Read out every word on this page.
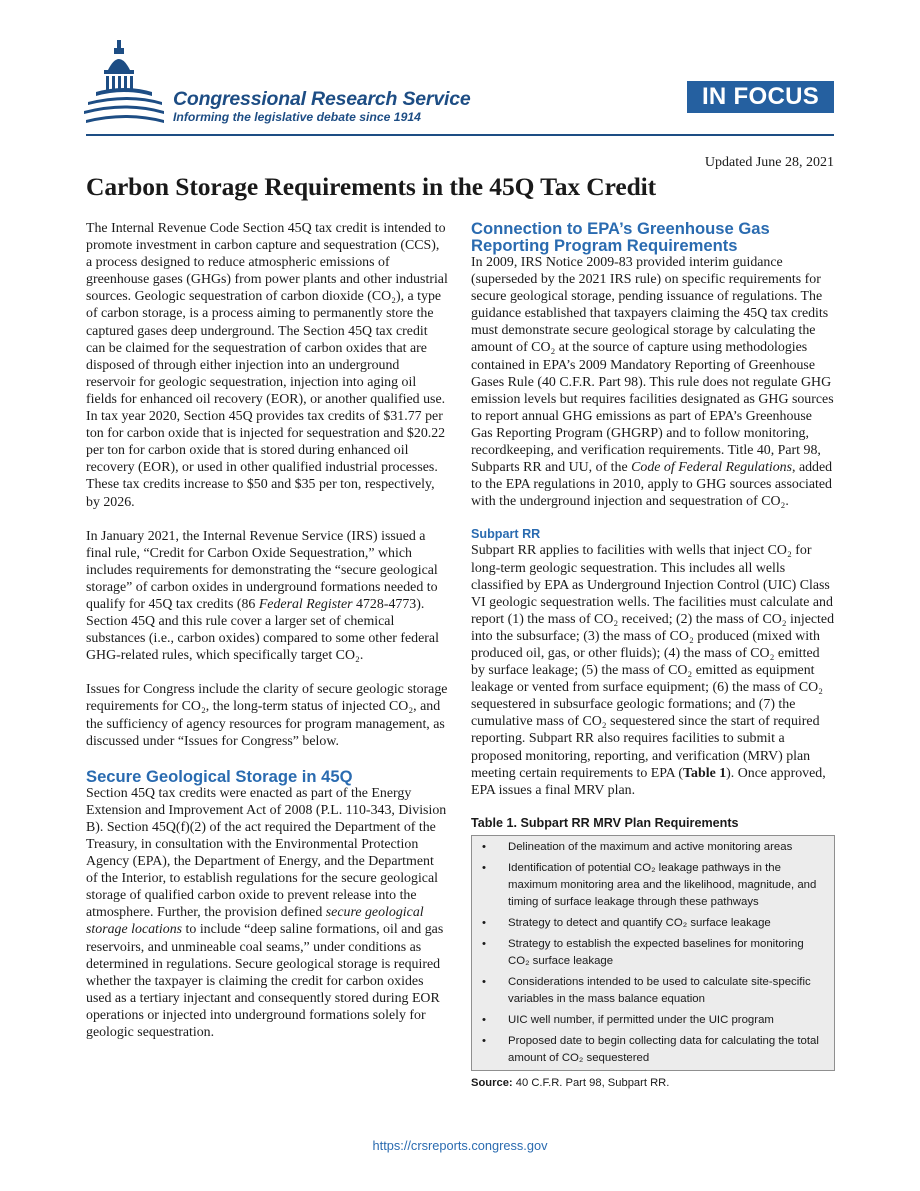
Congressional Research Service
Informing the legislative debate since 1914
IN FOCUS
Updated June 28, 2021
Carbon Storage Requirements in the 45Q Tax Credit

The Internal Revenue Code Section 45Q tax credit is intended to promote investment in carbon capture and sequestration (CCS), a process designed to reduce atmospheric emissions of greenhouse gases (GHGs) from power plants and other industrial sources. Geologic sequestration of carbon dioxide (CO₂), a type of carbon storage, is a process aiming to permanently store the captured gases deep underground. The Section 45Q tax credit can be claimed for the sequestration of carbon oxides that are disposed of through either injection into an underground reservoir for geologic sequestration, injection into aging oil fields for enhanced oil recovery (EOR), or another qualified use. In tax year 2020, Section 45Q provides tax credits of $31.77 per ton for carbon oxide that is injected for sequestration and $20.22 per ton for carbon oxide that is stored during enhanced oil recovery (EOR), or used in other qualified industrial processes. These tax credits increase to $50 and $35 per ton, respectively, by 2026.

In January 2021, the Internal Revenue Service (IRS) issued a final rule, “Credit for Carbon Oxide Sequestration,” which includes requirements for demonstrating the “secure geological storage” of carbon oxides in underground formations needed to qualify for 45Q tax credits (86 Federal Register 4728-4773). Section 45Q and this rule cover a larger set of chemical substances (i.e., carbon oxides) compared to some other federal GHG-related rules, which specifically target CO₂.

Issues for Congress include the clarity of secure geologic storage requirements for CO₂, the long-term status of injected CO₂, and the sufficiency of agency resources for program management, as discussed under “Issues for Congress” below.

Secure Geological Storage in 45Q

Section 45Q tax credits were enacted as part of the Energy Extension and Improvement Act of 2008 (P.L. 110-343, Division B). Section 45Q(f)(2) of the act required the Department of the Treasury, in consultation with the Environmental Protection Agency (EPA), the Department of Energy, and the Department of the Interior, to establish regulations for the secure geological storage of qualified carbon oxide to prevent release into the atmosphere. Further, the provision defined secure geological storage locations to include “deep saline formations, oil and gas reservoirs, and unmineable coal seams,” under conditions as determined in regulations. Secure geological storage is required whether the taxpayer is claiming the credit for carbon oxides used as a tertiary injectant and consequently stored during EOR operations or injected into underground formations solely for geologic sequestration.

Connection to EPA’s Greenhouse Gas Reporting Program Requirements

In 2009, IRS Notice 2009-83 provided interim guidance (superseded by the 2021 IRS rule) on specific requirements for secure geological storage, pending issuance of regulations. The guidance established that taxpayers claiming the 45Q tax credits must demonstrate secure geological storage by calculating the amount of CO₂ at the source of capture using methodologies contained in EPA’s 2009 Mandatory Reporting of Greenhouse Gases Rule (40 C.F.R. Part 98). This rule does not regulate GHG emission levels but requires facilities designated as GHG sources to report annual GHG emissions as part of EPA’s Greenhouse Gas Reporting Program (GHGRP) and to follow monitoring, recordkeeping, and verification requirements. Title 40, Part 98, Subparts RR and UU, of the Code of Federal Regulations, added to the EPA regulations in 2010, apply to GHG sources associated with the underground injection and sequestration of CO₂.

Subpart RR

Subpart RR applies to facilities with wells that inject CO₂ for long-term geologic sequestration. This includes all wells classified by EPA as Underground Injection Control (UIC) Class VI geologic sequestration wells. The facilities must calculate and report (1) the mass of CO₂ received; (2) the mass of CO₂ injected into the subsurface; (3) the mass of CO₂ produced (mixed with produced oil, gas, or other fluids); (4) the mass of CO₂ emitted by surface leakage; (5) the mass of CO₂ emitted as equipment leakage or vented from surface equipment; (6) the mass of CO₂ sequestered in subsurface geologic formations; and (7) the cumulative mass of CO₂ sequestered since the start of required reporting. Subpart RR also requires facilities to submit a proposed monitoring, reporting, and verification (MRV) plan meeting certain requirements to EPA (Table 1). Once approved, EPA issues a final MRV plan.

Table 1. Subpart RR MRV Plan Requirements
• Delineation of the maximum and active monitoring areas
• Identification of potential CO₂ leakage pathways in the maximum monitoring area and the likelihood, magnitude, and timing of surface leakage through these pathways
• Strategy to detect and quantify CO₂ surface leakage
• Strategy to establish the expected baselines for monitoring CO₂ surface leakage
• Considerations intended to be used to calculate site-specific variables in the mass balance equation
• UIC well number, if permitted under the UIC program
• Proposed date to begin collecting data for calculating the total amount of CO₂ sequestered
Source: 40 C.F.R. Part 98, Subpart RR.
https://crsreports.congress.gov
